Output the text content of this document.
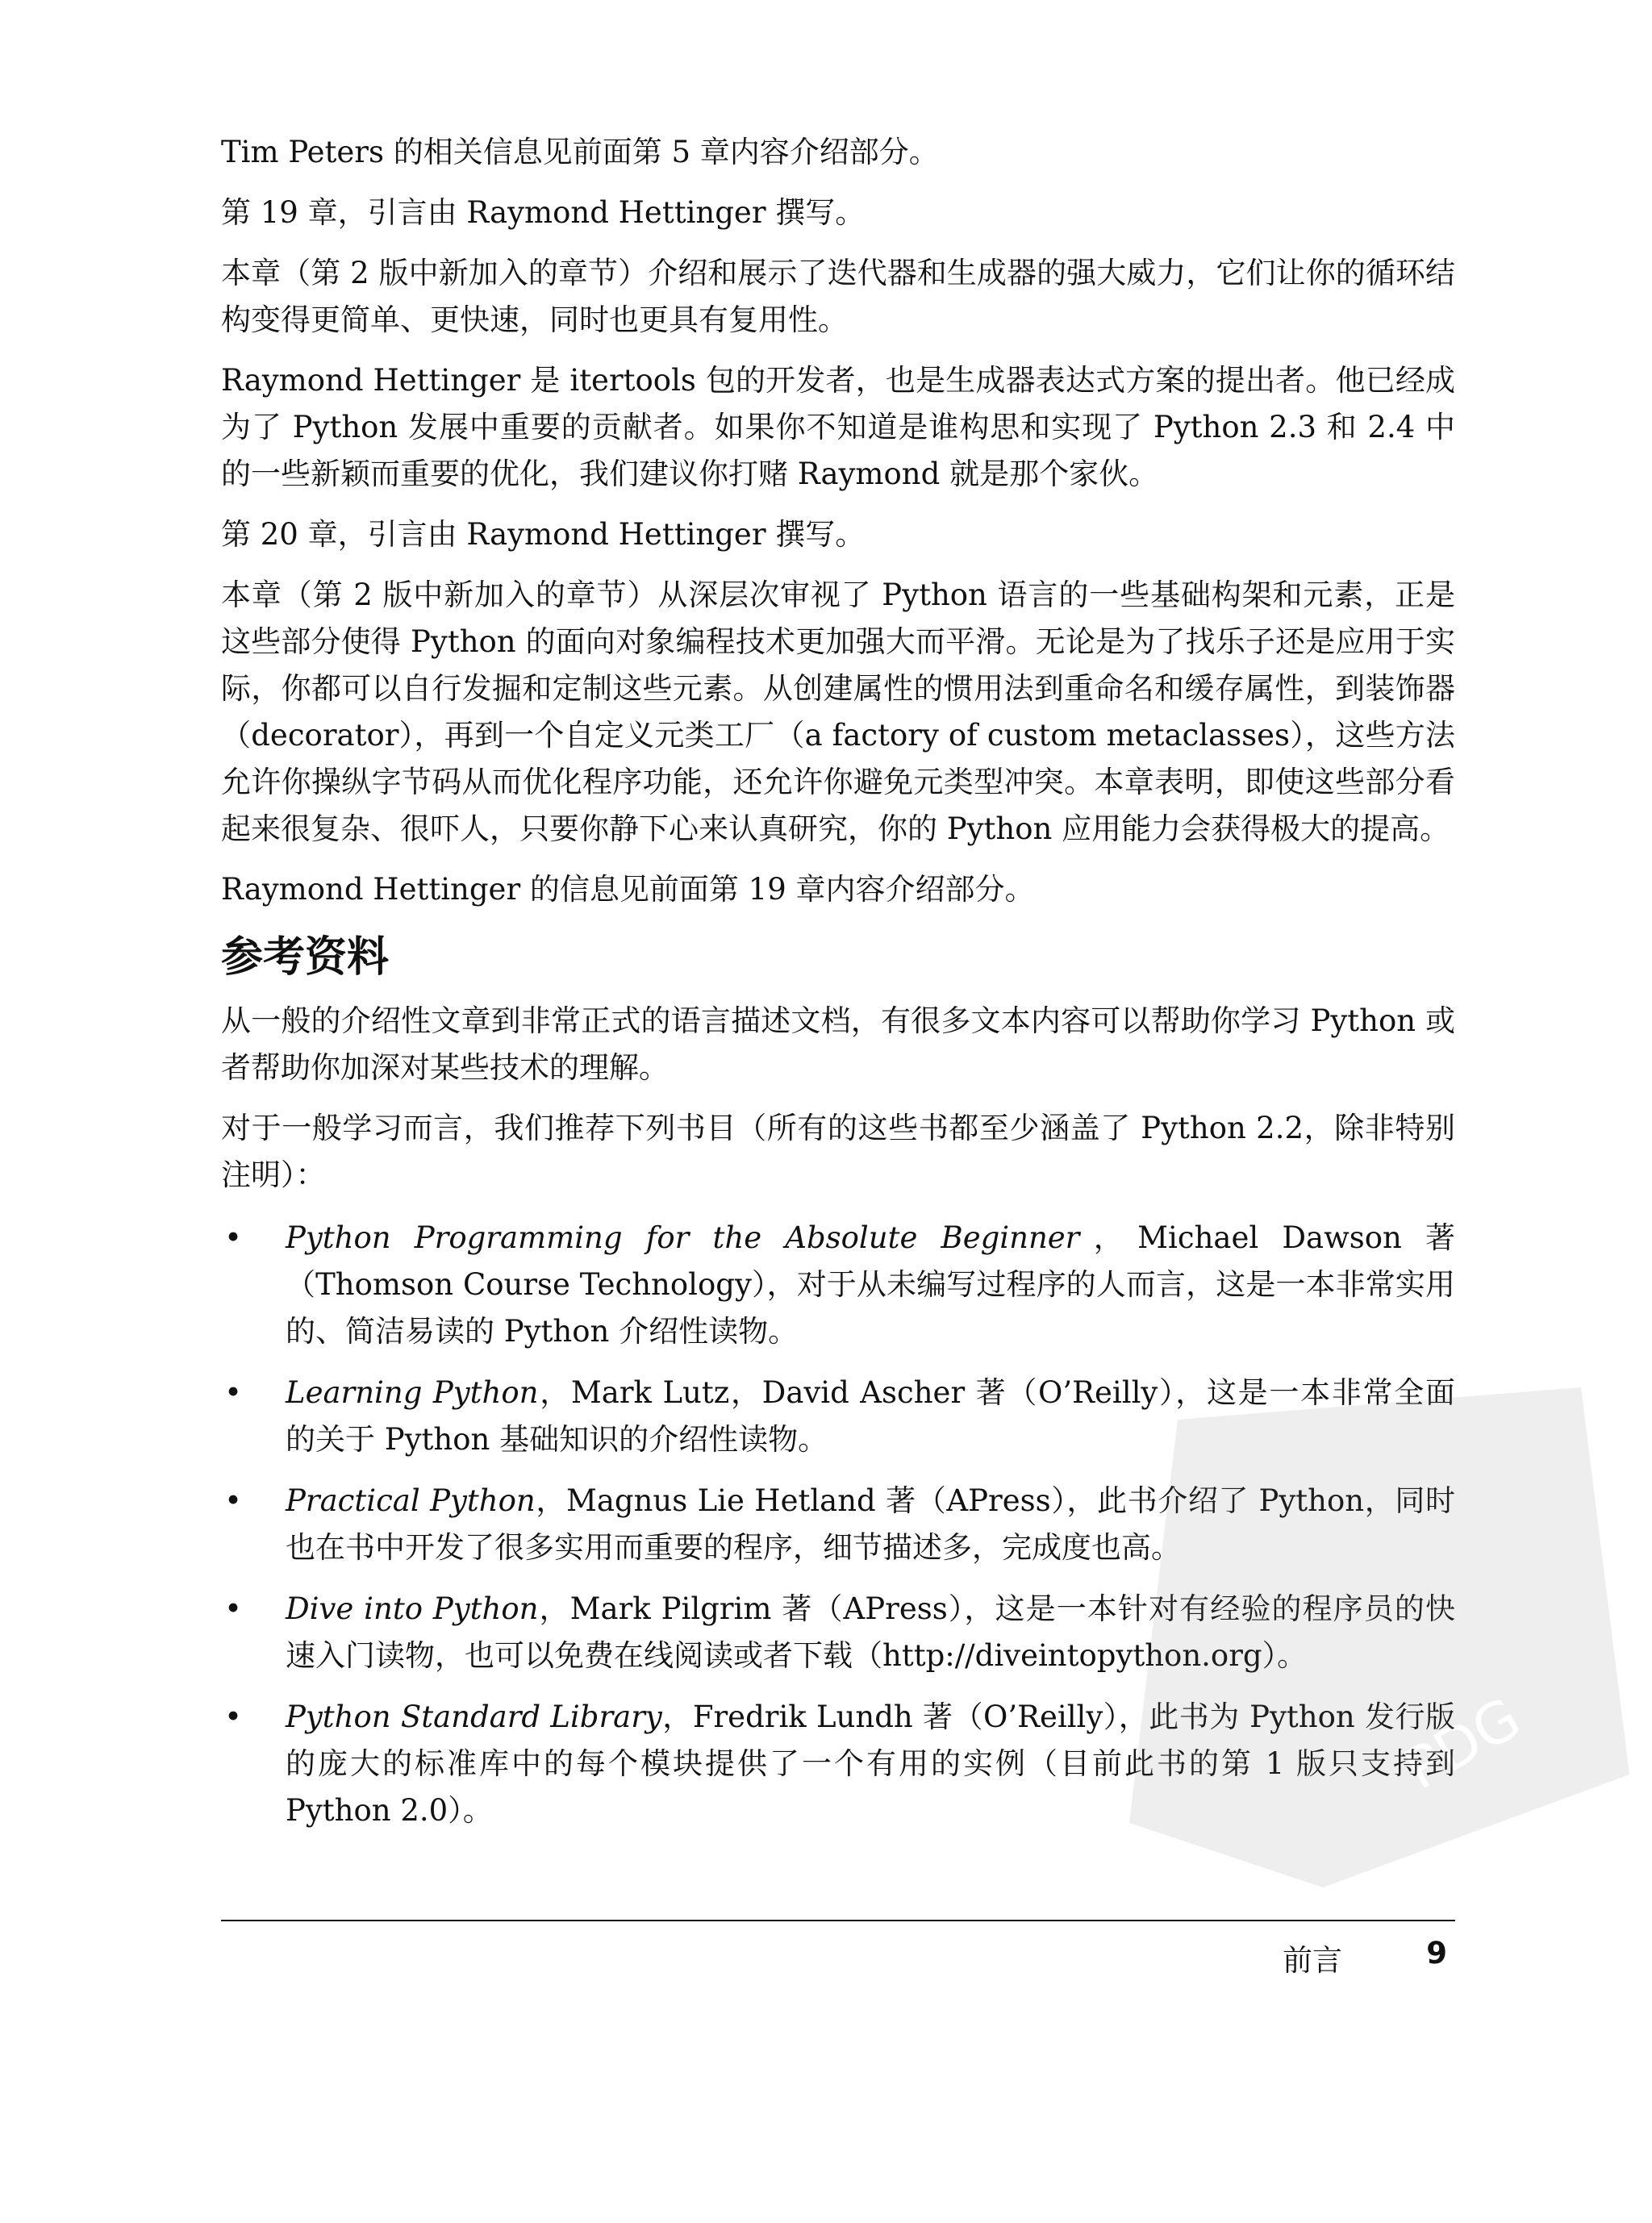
Tim Peters 的相关信息见前面第 5 章内容介绍部分。

第 19 章，引言由 Raymond Hettinger 撰写。

本章（第 2 版中新加入的章节）介绍和展示了迭代器和生成器的强大威力，它们让你的循环结构变得更简单、更快速，同时也更具有复用性。

Raymond Hettinger 是 itertools 包的开发者，也是生成器表达式方案的提出者。他已经成为了 Python 发展中重要的贡献者。如果你不知道是谁构思和实现了 Python 2.3 和 2.4 中的一些新颖而重要的优化，我们建议你打赌 Raymond 就是那个家伙。

第 20 章，引言由 Raymond Hettinger 撰写。

本章（第 2 版中新加入的章节）从深层次审视了 Python 语言的一些基础构架和元素，正是这些部分使得 Python 的面向对象编程技术更加强大而平滑。无论是为了找乐子还是应用于实际，你都可以自行发掘和定制这些元素。从创建属性的惯用法到重命名和缓存属性，到装饰器（decorator），再到一个自定义元类工厂（a factory of custom metaclasses），这些方法允许你操纵字节码从而优化程序功能，还允许你避免元类型冲突。本章表明，即使这些部分看起来很复杂、很吓人，只要你静下心来认真研究，你的 Python 应用能力会获得极大的提高。

Raymond Hettinger 的信息见前面第 19 章内容介绍部分。

参考资料

从一般的介绍性文章到非常正式的语言描述文档，有很多文本内容可以帮助你学习 Python 或者帮助你加深对某些技术的理解。

对于一般学习而言，我们推荐下列书目（所有的这些书都至少涵盖了 Python 2.2，除非特别注明）：

• Python Programming for the Absolute Beginner，Michael Dawson 著（Thomson Course Technology），对于从未编写过程序的人而言，这是一本非常实用的、简洁易读的 Python 介绍性读物。
• Learning Python，Mark Lutz，David Ascher 著（O’Reilly），这是一本非常全面的关于 Python 基础知识的介绍性读物。
• Practical Python，Magnus Lie Hetland 著（APress），此书介绍了 Python，同时也在书中开发了很多实用而重要的程序，细节描述多，完成度也高。
• Dive into Python，Mark Pilgrim 著（APress），这是一本针对有经验的程序员的快速入门读物，也可以免费在线阅读或者下载（http://diveintopython.org）。
• Python Standard Library，Fredrik Lundh 著（O’Reilly），此书为 Python 发行版的庞大的标准库中的每个模块提供了一个有用的实例（目前此书的第 1 版只支持到 Python 2.0）。
前言	9
PDG
